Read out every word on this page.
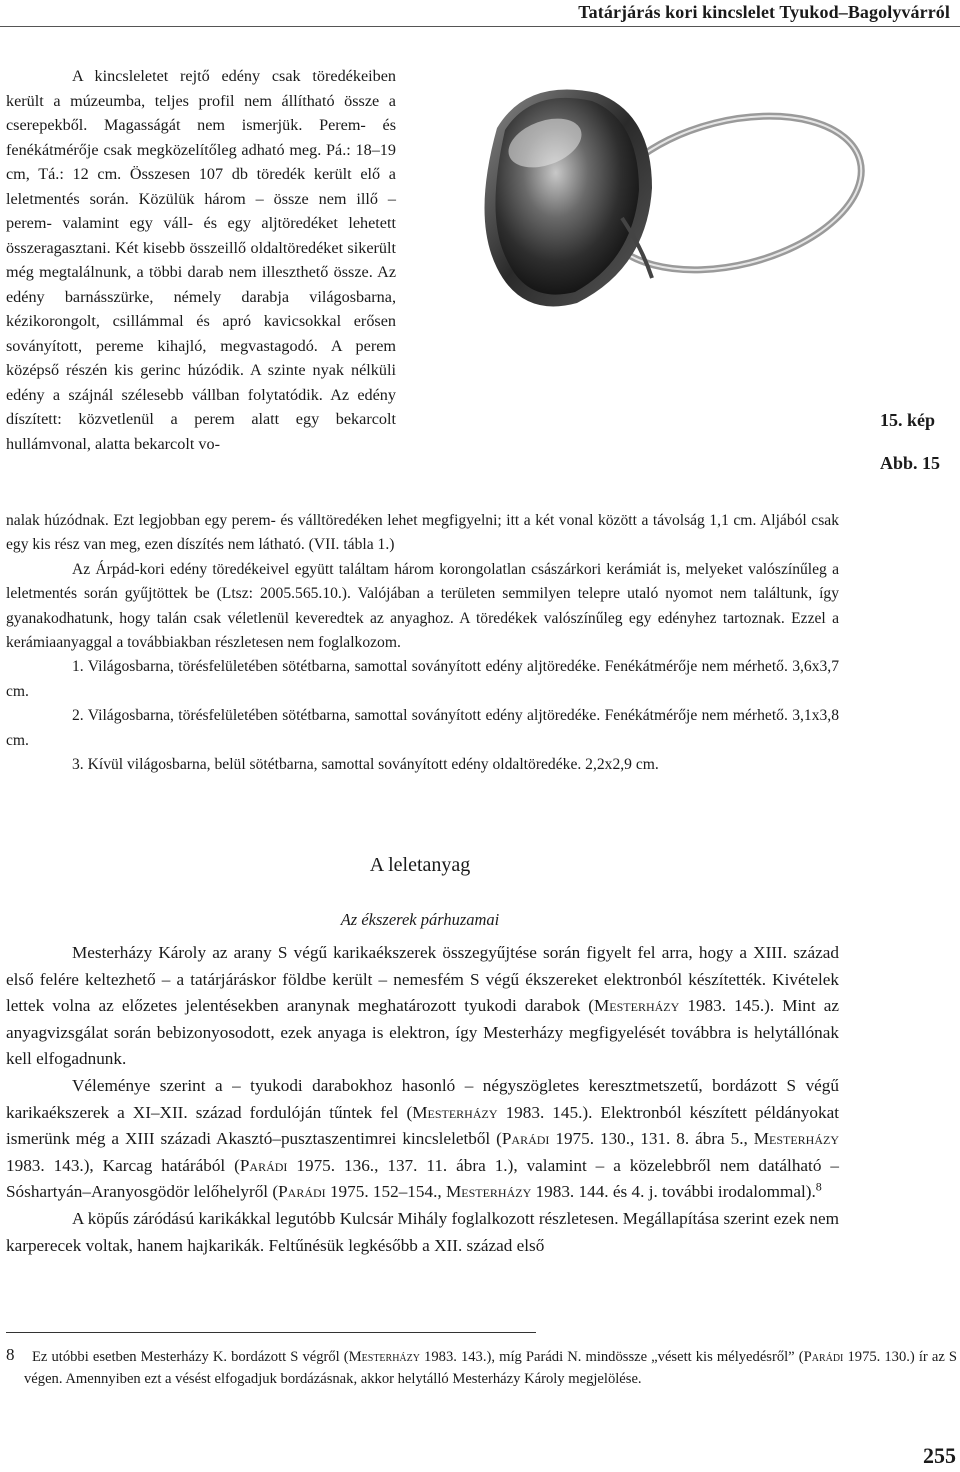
Tatárjárás kori kincslelet Tyukod–Bagolyvárról

A kincsleletet rejtő edény csak töredékeiben került a múzeumba, teljes profil nem állítható össze a cserepekből. Magasságát nem ismerjük. Perem- és fenékátmérője csak megközelítőleg adható meg. Pá.: 18–19 cm, Tá.: 12 cm. Összesen 107 db töredék került elő a leletmentés során. Közülük három – össze nem illő – perem- valamint egy váll- és egy aljtöredéket lehetett összeragasztani. Két kisebb összeillő oldaltöredéket sikerült még megtalálnunk, a többi darab nem illeszthető össze. Az edény barnásszürke, némely darabja világosbarna, kézikorongolt, csillámmal és apró kavicsokkal erősen soványított, pereme kihajló, megvastagodó. A perem középső részén kis gerinc húzódik. A szinte nyak nélküli edény a szájnál szélesebb vállban folytatódik. Az edény díszített: közvetlenül a perem alatt egy bekarcolt hullámvonal, alatta bekarcolt vo-

15. kép
Abb. 15

nalak húzódnak. Ezt legjobban egy perem- és válltöredéken lehet megfigyelni; itt a két vonal között a távolság 1,1 cm. Aljából csak egy kis rész van meg, ezen díszítés nem látható. (VII. tábla 1.)

Az Árpád-kori edény töredékeivel együtt találtam három korongolatlan császárkori kerámiát is, melyeket valószínűleg a leletmentés során gyűjtöttek be (Ltsz: 2005.565.10.). Valójában a területen semmilyen telepre utaló nyomot nem találtunk, így gyanakodhatunk, hogy talán csak véletlenül keveredtek az anyaghoz. A töredékek valószínűleg egy edényhez tartoznak. Ezzel a kerámiaanyaggal a továbbiakban részletesen nem foglalkozom.

1. Világosbarna, törésfelületében sötétbarna, samottal soványított edény aljtöredéke. Fenékátmérője nem mérhető. 3,6x3,7 cm.

2. Világosbarna, törésfelületében sötétbarna, samottal soványított edény aljtöredéke. Fenékátmérője nem mérhető. 3,1x3,8 cm.

3. Kívül világosbarna, belül sötétbarna, samottal soványított edény oldaltöredéke. 2,2x2,9 cm.

A leletanyag
Az ékszerek párhuzamai

Mesterházy Károly az arany S végű karikaékszerek összegyűjtése során figyelt fel arra, hogy a XIII. század első felére keltezhető – a tatárjáráskor földbe került – nemesfém S végű ékszereket elektronból készítették. Kivételek lettek volna az előzetes jelentésekben aranynak meghatározott tyukodi darabok (Mesterházy 1983. 145.). Mint az anyagvizsgálat során bebizonyosodott, ezek anyaga is elektron, így Mesterházy megfigyelését továbbra is helytállónak kell elfogadnunk.

Véleménye szerint a – tyukodi darabokhoz hasonló – négyszögletes keresztmetszetű, bordázott S végű karikaékszerek a XI–XII. század fordulóján tűntek fel (Mesterházy 1983. 145.). Elektronból készített példányokat ismerünk még a XIII századi Akasztó–pusztaszentimrei kincsleletből (Parádi 1975. 130., 131. 8. ábra 5., Mesterházy 1983. 143.), Karcag határából (Parádi 1975. 136., 137. 11. ábra 1.), valamint – a közelebbről nem datálható – Sóshartyán–Aranyosgödör lelőhelyről (Parádi 1975. 152–154., Mesterházy 1983. 144. és 4. j. további irodalommal).$^8$

A köpűs záródású karikákkal legutóbb Kulcsár Mihály foglalkozott részletesen. Megállapítása szerint ezek nem karperecek voltak, hanem hajkarikák. Feltűnésük legkésőbb a XII. század első

8	Ez utóbbi esetben Mesterházy K. bordázott S végről (Mesterházy 1983. 143.), míg Parádi N. mindössze „vésett kis mélyedésről” (Parádi 1975. 130.) ír az S végen. Amennyiben ezt a vésést elfogadjuk bordázásnak, akkor helytálló Mesterházy Károly megjelölése.
255
